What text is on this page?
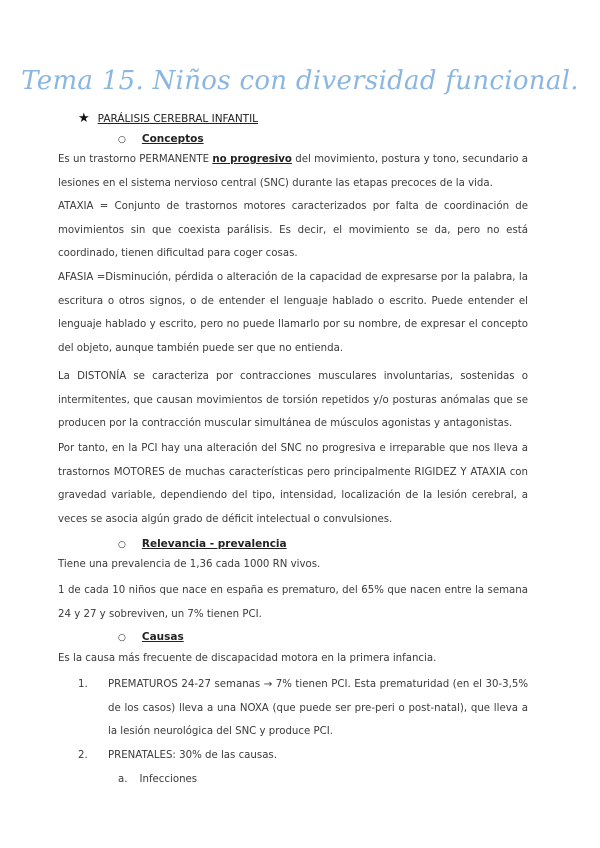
Tema 15. Niños con diversidad funcional.
★ PARÁLISIS CEREBRAL INFANTIL
○ Conceptos
Es un trastorno PERMANENTE no progresivo del movimiento, postura y tono, secundario a lesiones en el sistema nervioso central (SNC) durante las etapas precoces de la vida.
ATAXIA = Conjunto de trastornos motores caracterizados por falta de coordinación de movimientos sin que coexista parálisis. Es decir, el movimiento se da, pero no está coordinado, tienen dificultad para coger cosas.
AFASIA =Disminución, pérdida o alteración de la capacidad de expresarse por la palabra, la escritura o otros signos, o de entender el lenguaje hablado o escrito. Puede entender el lenguaje hablado y escrito, pero no puede llamarlo por su nombre, de expresar el concepto del objeto, aunque también puede ser que no entienda.
La DISTONÍA se caracteriza por contracciones musculares involuntarias, sostenidas o intermitentes, que causan movimientos de torsión repetidos y/o posturas anómalas que se producen por la contracción muscular simultánea de músculos agonistas y antagonistas.
Por tanto, en la PCI hay una alteración del SNC no progresiva e irreparable que nos lleva a trastornos MOTORES de muchas características pero principalmente RIGIDEZ Y ATAXIA con gravedad variable, dependiendo del tipo, intensidad, localización de la lesión cerebral, a veces se asocia algún grado de déficit intelectual o convulsiones.
○ Relevancia - prevalencia
Tiene una prevalencia de 1,36 cada 1000 RN vivos.
1 de cada 10 niños que nace en españa es prematuro, del 65% que nacen entre la semana 24 y 27 y sobreviven, un 7% tienen PCI.
○ Causas
Es la causa más frecuente de discapacidad motora en la primera infancia.
1. PREMATUROS 24-27 semanas → 7% tienen PCI. Esta prematuridad (en el 30-3,5% de los casos) lleva a una NOXA (que puede ser pre-peri o post-natal), que lleva a la lesión neurológica del SNC y produce PCI.
2. PRENATALES: 30% de las causas.
a. Infecciones
